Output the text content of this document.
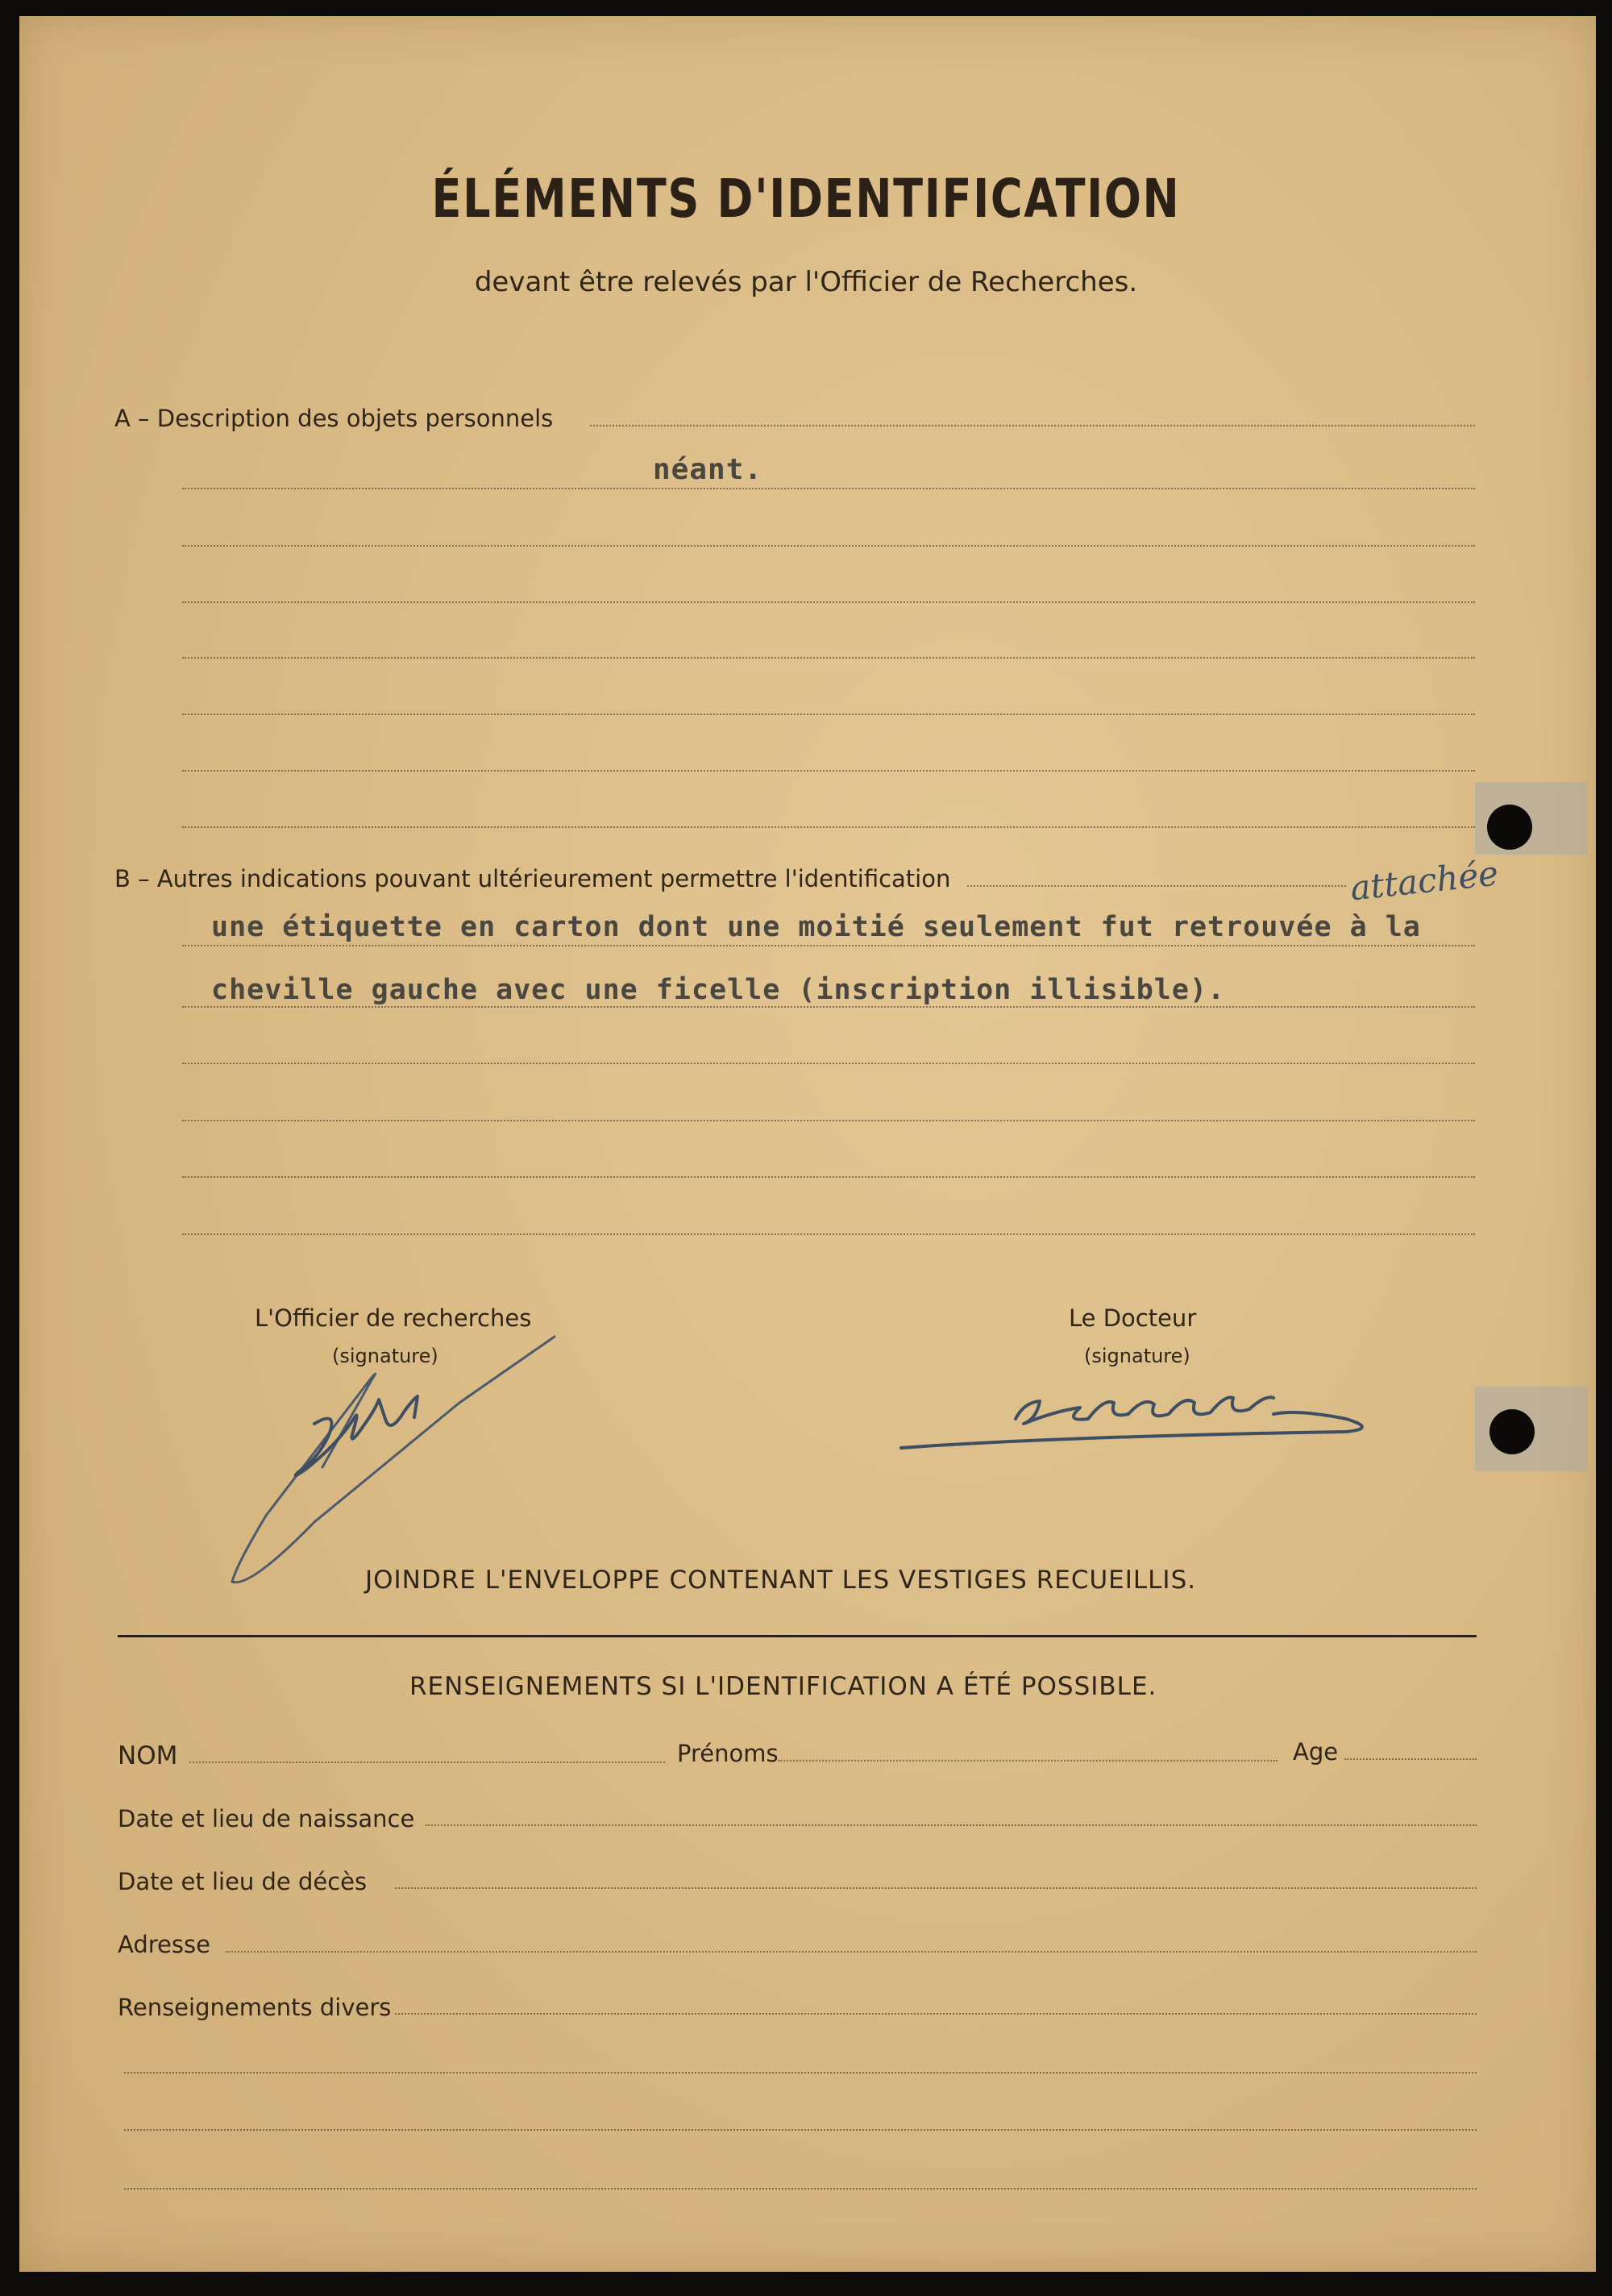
ÉLÉMENTS D'IDENTIFICATION
devant être relevés par l'Officier de Recherches.
A – Description des objets personnels
néant.
B – Autres indications pouvant ultérieurement permettre l'identification	attachée
une étiquette en carton dont une moitié seulement fut retrouvée à la
cheville gauche avec une ficelle (inscription illisible).
L'Officier de recherches
(signature)
Le Docteur
(signature)
JOINDRE L'ENVELOPPE CONTENANT LES VESTIGES RECUEILLIS.
RENSEIGNEMENTS SI L'IDENTIFICATION A ÉTÉ POSSIBLE.
NOM	Prénoms	Age
Date et lieu de naissance
Date et lieu de décès
Adresse
Renseignements divers
